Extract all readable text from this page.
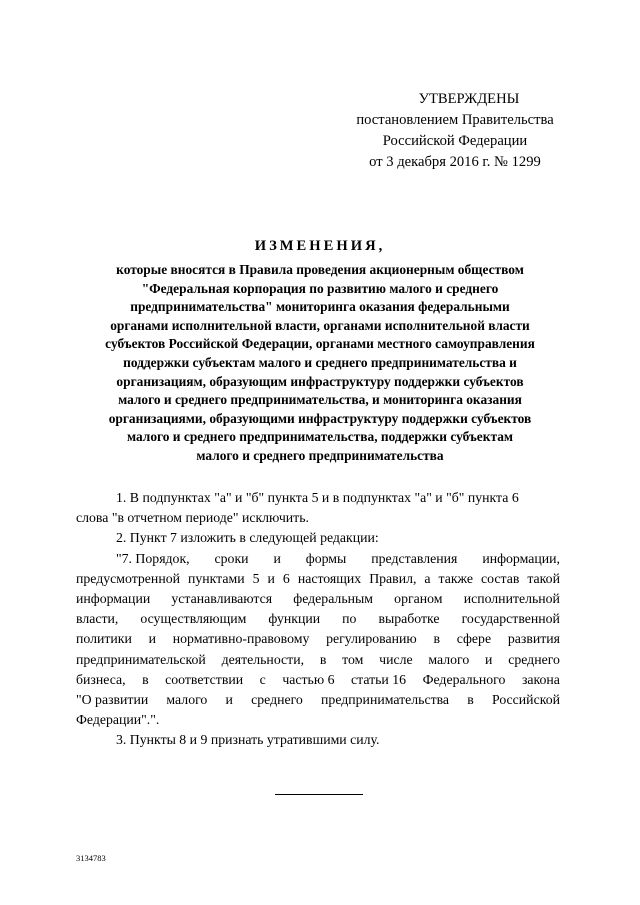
УТВЕРЖДЕНЫ
постановлением Правительства
Российской Федерации
от 3 декабря 2016 г. № 1299
ИЗМЕНЕНИЯ,
которые вносятся в Правила проведения акционерным обществом
"Федеральная корпорация по развитию малого и среднего
предпринимательства" мониторинга оказания федеральными
органами исполнительной власти, органами исполнительной власти
субъектов Российской Федерации, органами местного самоуправления
поддержки субъектам малого и среднего предпринимательства и
организациям, образующим инфраструктуру поддержки субъектов
малого и среднего предпринимательства, и мониторинга оказания
организациями, образующими инфраструктуру поддержки субъектов
малого и среднего предпринимательства, поддержки субъектам
малого и среднего предпринимательства
1. В подпунктах "а" и "б" пункта 5 и в подпунктах "а" и "б" пункта 6
слова "в отчетном периоде" исключить.
2. Пункт 7 изложить в следующей редакции:
"7. Порядок, сроки и формы представления информации,
предусмотренной пунктами 5 и 6 настоящих Правил, а также состав такой
информации устанавливаются федеральным органом исполнительной
власти, осуществляющим функции по выработке государственной
политики и нормативно-правовому регулированию в сфере развития
предпринимательской деятельности, в том числе малого и среднего
бизнеса, в соответствии с частью 6 статьи 16 Федерального закона
"О развитии малого и среднего предпринимательства в Российской
Федерации".".
3. Пункты 8 и 9 признать утратившими силу.
3134783
